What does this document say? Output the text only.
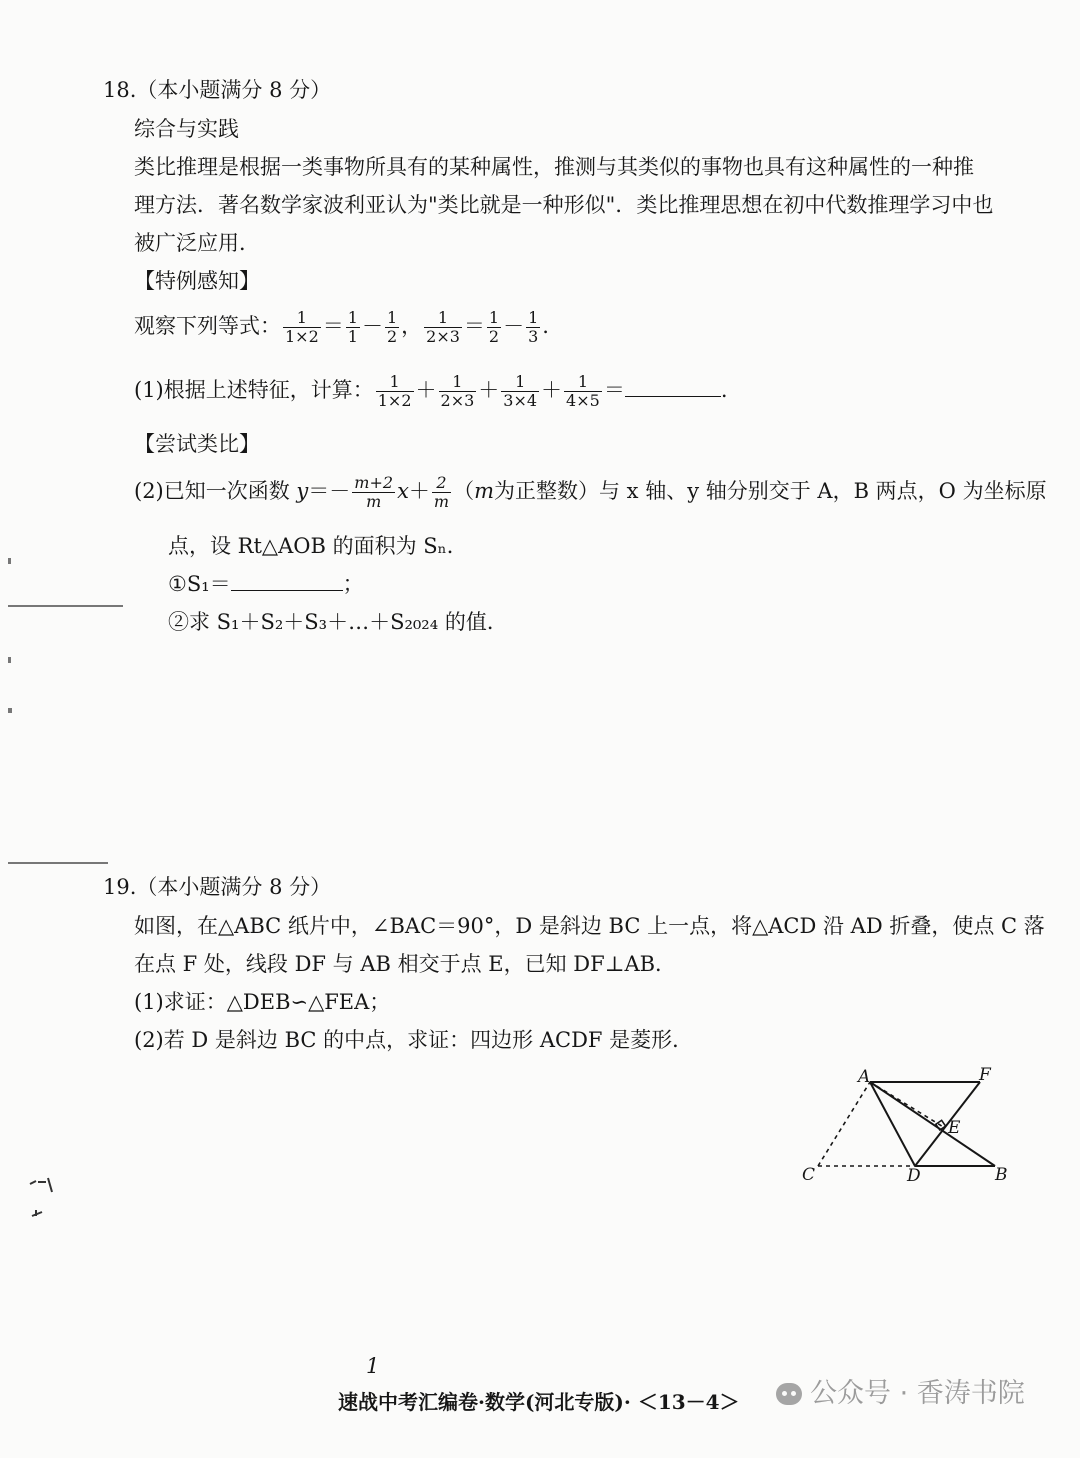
18.（本小题满分 8 分）
综合与实践
类比推理是根据一类事物所具有的某种属性，推测与其类似的事物也具有这种属性的一种推
理方法．著名数学家波利亚认为"类比就是一种形似"．类比推理思想在初中代数推理学习中也
被广泛应用．
【特例感知】
观察下列等式： $\frac{1}{1\times 2} = \frac{1}{1} - \frac{1}{2}$ ， $\frac{1}{2\times 3} = \frac{1}{2} - \frac{1}{3}$ .
(1)根据上述特征，计算： $\frac{1}{1\times 2} + \frac{1}{2\times 3} + \frac{1}{3\times 4} + \frac{1}{4\times 5}$ ＝	.
【尝试类比】
(2)已知一次函数 $y=- \frac{m+2}{m} x+ \frac{2}{m} (m$为正整数）与 x 轴、y 轴分别交于 A，B 两点，O 为坐标原
点，设 Rt△AOB 的面积为 Sₙ．
①S₁＝	；
②求 S₁＋S₂＋S₃＋…＋S₂₀₂₄ 的值．
19.（本小题满分 8 分）
如图，在△ABC 纸片中，∠BAC＝90°，D 是斜边 BC 上一点，将△ACD 沿 AD 折叠，使点 C 落
在点 F 处，线段 DF 与 AB 相交于点 E，已知 DF⊥AB．
(1)求证：△DEB∽△FEA；
(2)若 D 是斜边 BC 的中点，求证：四边形 ACDF 是菱形．
A	F
E
C	D	B
1
速战中考汇编卷·数学(河北专版)· ＜13－4＞	公众号 · 香涛书院
